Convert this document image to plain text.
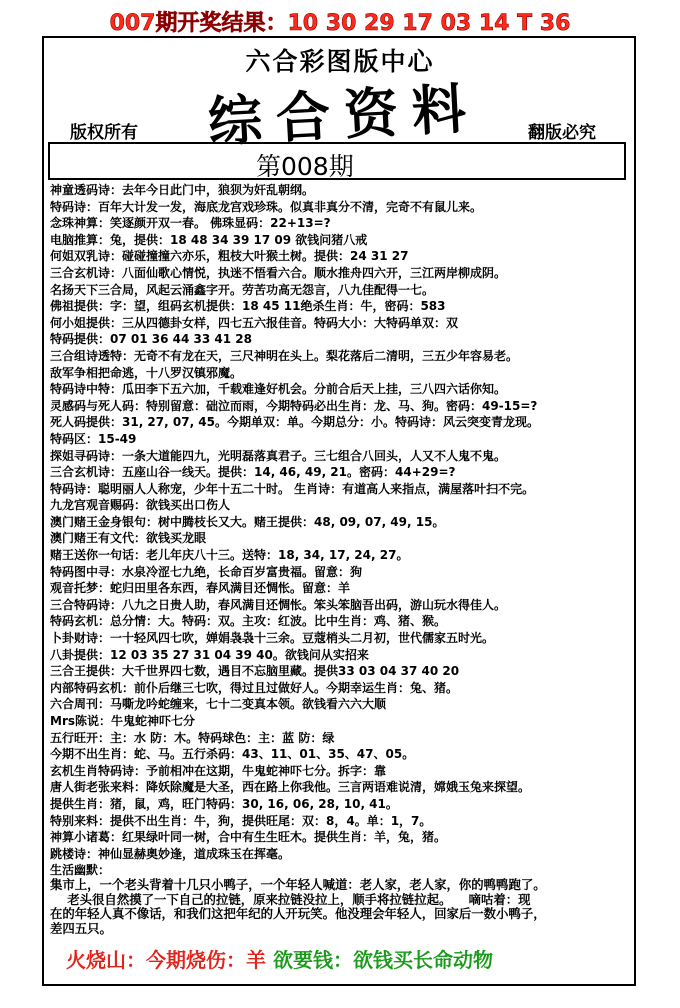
007期开奖结果：10 30 29 17 03 14 T 36
六合彩图版中心
综合资料
版权所有	翻版必究
第008期
神童透码诗：去年今日此门中，狼狈为奸乱朝纲。
特码诗：百年大计发一发，海底龙宫戏珍珠。似真非真分不清，完奇不有鼠儿来。
念珠神算：笑逐颜开双一春。 佛珠显码：22+13=?
电脑推算：兔，提供：18 48 34 39 17 09 欲钱问猪八戒
何姐双乳诗：碰碰撞撞六亦乐，粗枝大叶猴土树。提供：24 31 27
三合玄机诗：八面仙歌心情悦，执迷不悟看六合。顺水推舟四六开，三江两岸柳成阴。
名扬天下三合局，风起云涌鑫字开。劳苦功高无怨言，八九佳配得一七。
佛祖提供：字：望，组码玄机提供：18 45 11绝杀生肖：牛，密码：583
何小姐提供：三从四德卦女样，四七五六报佳音。特码大小：大特码单双：双
特码提供：07 01 36 44 33 41 28
三合组诗透特：无奇不有龙在天，三尺神明在头上。梨花落后二清明，三五少年容易老。
敌军争相把命逃，十八罗汉镇邪魔。
特码诗中特：瓜田李下五六加，千载难逢好机会。分前合后天上挂，三八四六话你知。
灵感码与死人码：特别留意：础泣而雨，今期特码必出生肖：龙、马、狗。密码：49-15=?
死人码提供：31, 27, 07, 45。今期单双：单。今期总分：小。特码诗：风云突变青龙现。
特码区：15-49
探姐寻码诗：一条大道能四九，光明磊落真君子。三七组合八回头，人又不人鬼不鬼。
三合玄机诗：五座山谷一线天。提供：14, 46, 49, 21。密码：44+29=?
特码诗：聪明丽人人称宠，少年十五二十时。 生肖诗：有道高人来指点，满屋落叶扫不完。
九龙宫观音赐码：欲钱买出口伤人
澳门赌王金身银句：树中腾枝长又大。赌王提供：48, 09, 07, 49, 15。
澳门赌王有文代：欲钱买龙眼
赌王送你一句话：老儿年庆八十三。送特：18, 34, 17, 24, 27。
特码图中寻：水泉冷涩七九绝，长命百岁富贵福。留意：狗
观音托梦：蛇归田里各东西，春风满目还惆怅。留意：羊
三合特码诗：八九之日贵人助，春风满目还惆怅。笨头笨脑吾出码，游山玩水得佳人。
特码玄机：总分情：大。特码：双。主攻：红波。比中生肖：鸡、猪、猴。
卜卦财诗：一十轻风四七吹，婵娟袅袅十三余。豆蔻梢头二月初，世代儒家五时光。
八卦提供：12 03 35 27 31 04 39 40。欲钱问从实招来
三合王提供：大千世界四七数，遇目不忘脑里藏。提供33 03 04 37 40 20
内部特码玄机：前仆后继三七吹，得过且过做好人。今期幸运生肖：兔、猪。
六合周刊：马嘶龙吟蛇缠来，七十二变真本领。欲钱看六六大顺
Mrs陈说：牛鬼蛇神吓七分
五行旺开：主：水 防：木。特码球色：主：蓝 防：绿
今期不出生肖：蛇、马。五行杀码：43、11、01、35、47、05。
玄机生肖特码诗：予前相冲在这期，牛鬼蛇神吓七分。拆字：靠
唐人街老张来料：降妖除魔是大圣，西在路上你我他。三言两语难说清，嫦娥玉兔来探望。
提供生肖：猪，鼠，鸡，旺门特码：30, 16, 06, 28, 10, 41。
特别来料：提供不出生肖：牛，狗，提供旺尾：双：8，4。单：1，7。
神算小诸葛：红果绿叶同一树，合中有生生旺木。提供生肖：羊，兔，猪。
跳楼诗：神仙显赫奥妙逢，道成珠玉在挥毫。
生活幽默：
集市上，一个老头背着十几只小鸭子，一个年轻人喊道：老人家，老人家，你的鸭鸭跑了。
老头很自然摸了一下自己的拉链，原来拉链没拉上，顺手将拉链拉起。    嘀咕着：现
在的年轻人真不像话，和我们这把年纪的人开玩笑。他没理会年轻人，回家后一数小鸭子，
差四五只。
火烧山：今期烧伤：羊 欲要钱：欲钱买长命动物
